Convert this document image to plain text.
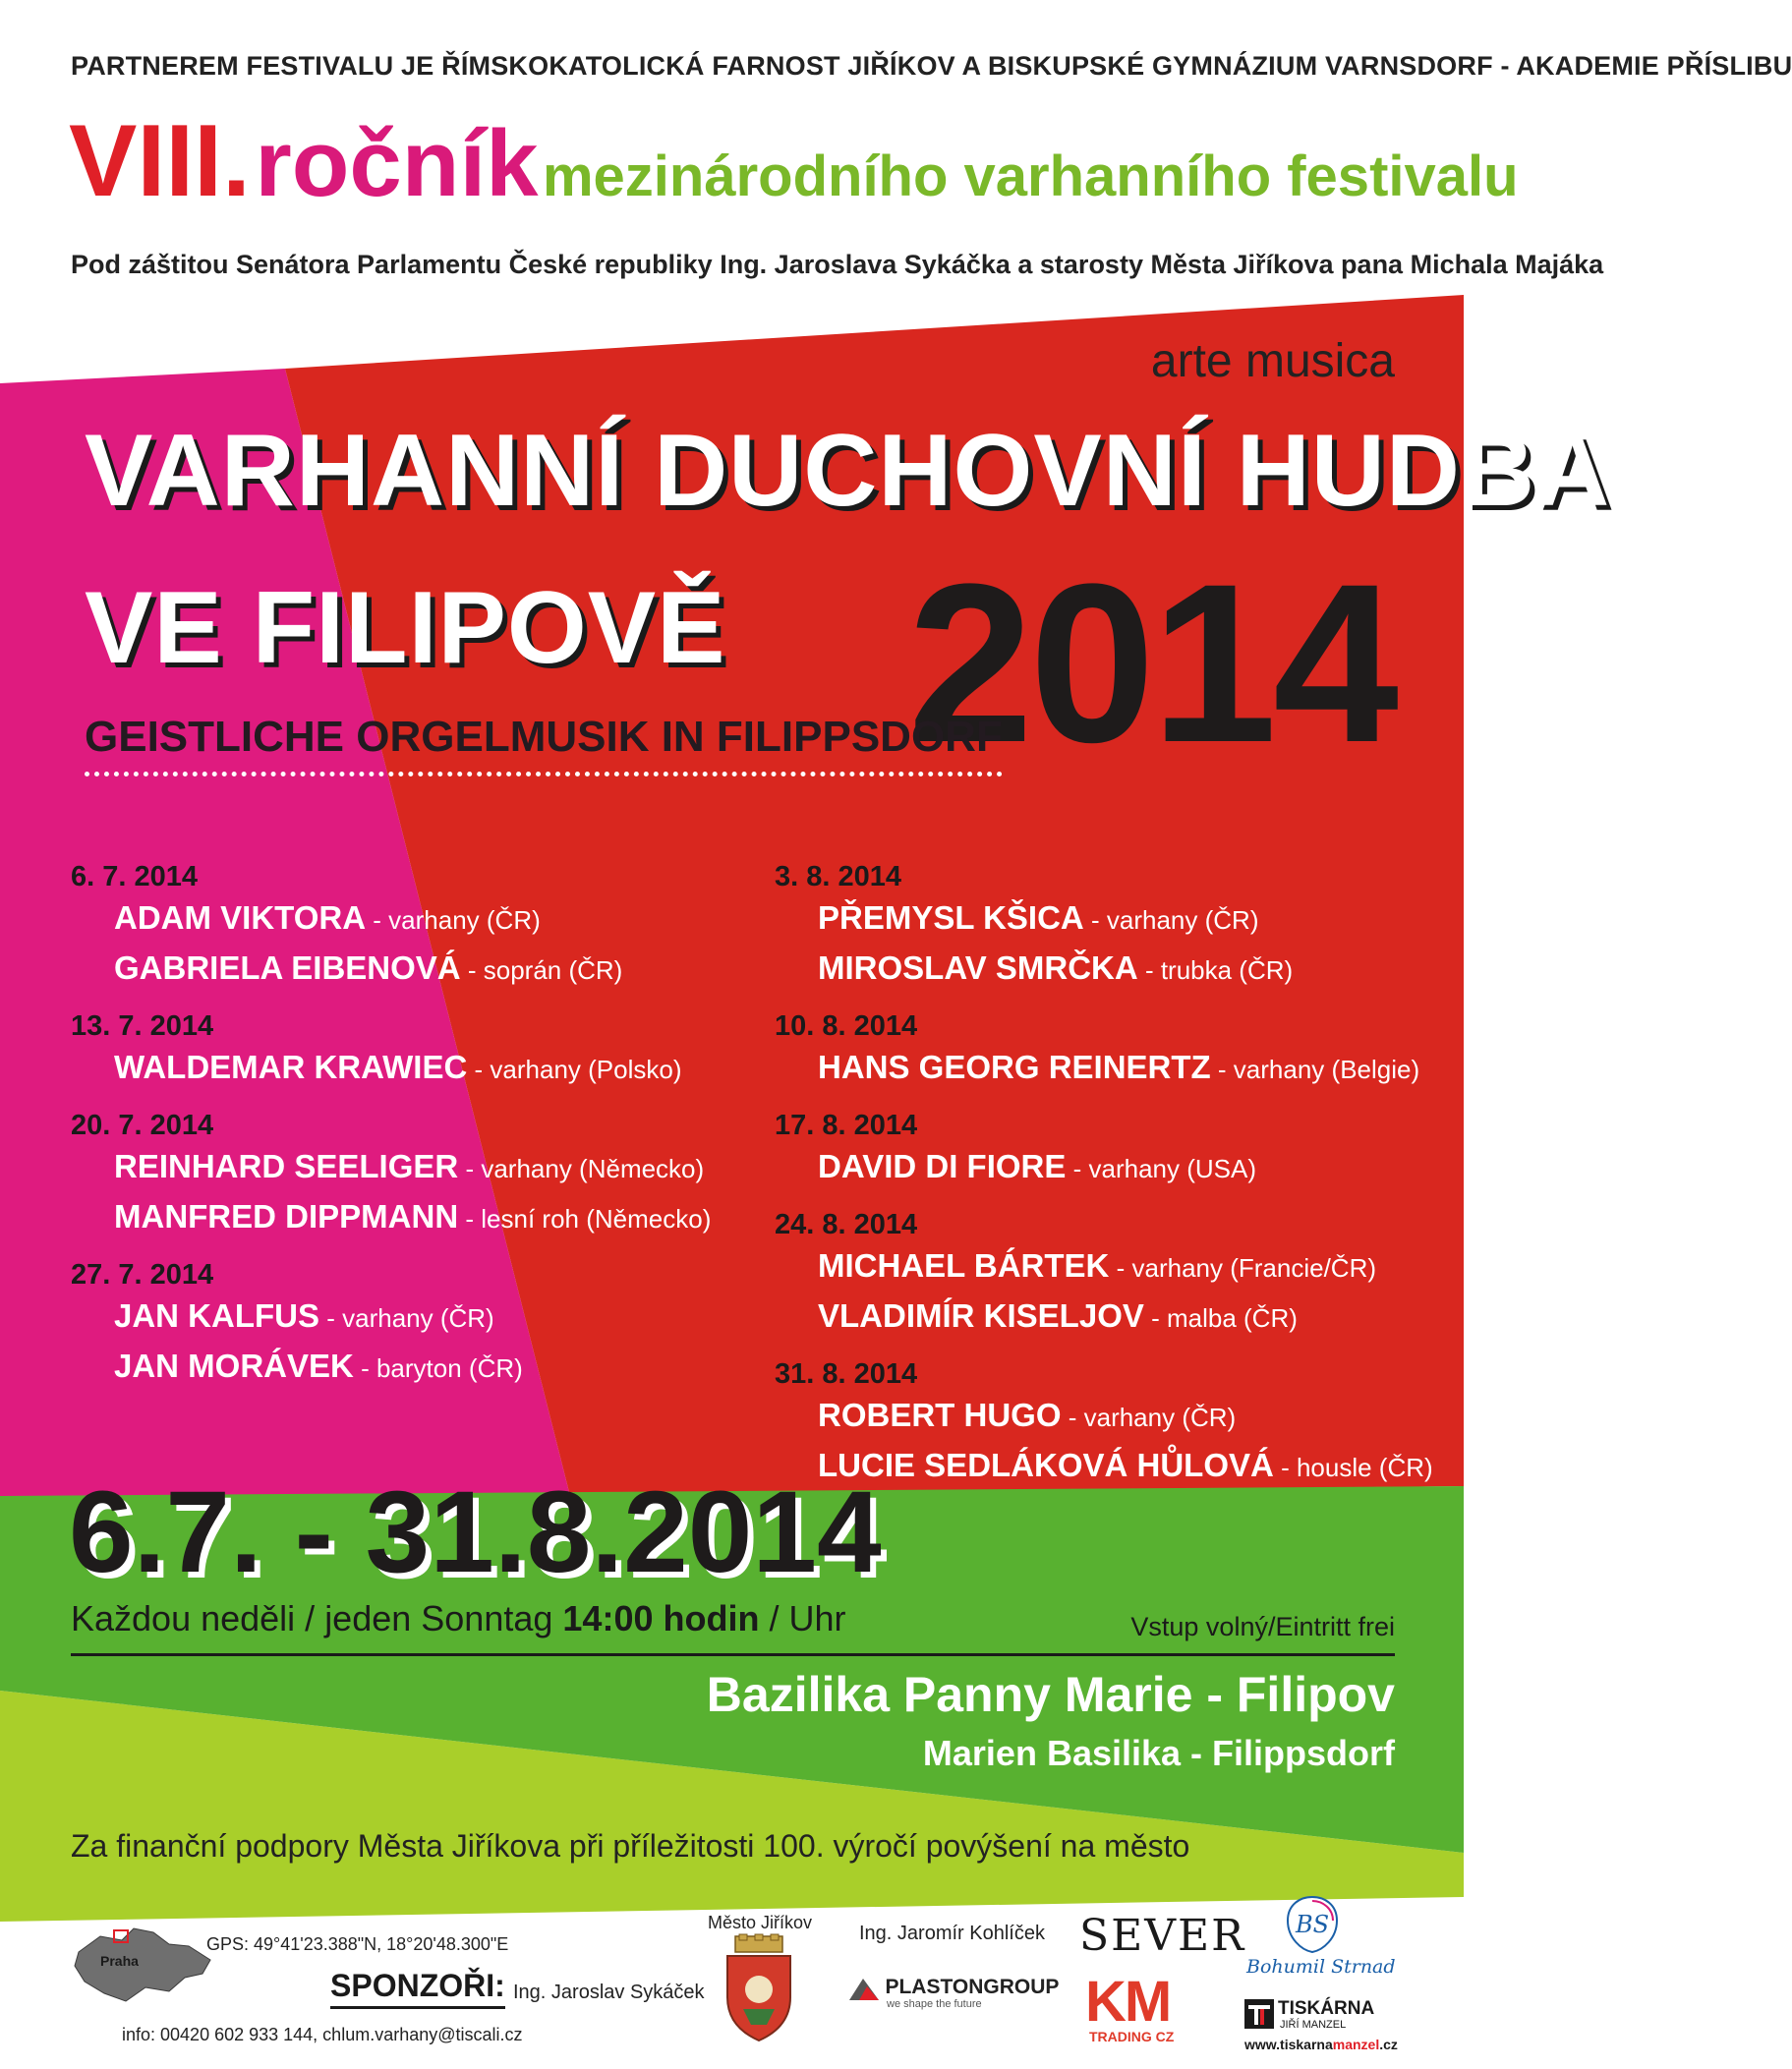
PARTNEREM FESTIVALU JE ŘÍMSKOKATOLICKÁ FARNOST JIŘÍKOV A BISKUPSKÉ GYMNÁZIUM VARNSDORF - AKADEMIE PŘÍSLIBU
VIII. ročník mezinárodního varhanního festivalu
Pod záštitou Senátora Parlamentu České republiky Ing. Jaroslava Sykáčka a starosty Města Jiříkova pana Michala Majáka
arte musica
VARHANNÍ DUCHOVNÍ HUDBA
VE FILIPOVĚ 2014
GEISTLICHE ORGELMUSIK IN FILIPPSDORF
6. 7. 2014
ADAM VIKTORA - varhany (ČR)
GABRIELA EIBENOVÁ - soprán (ČR)
13. 7. 2014
WALDEMAR KRAWIEC - varhany (Polsko)
20. 7. 2014
REINHARD SEELIGER - varhany (Německo)
MANFRED DIPPMANN - lesní roh (Německo)
27. 7. 2014
JAN KALFUS - varhany (ČR)
JAN MORÁVEK - baryton (ČR)
3. 8. 2014
PŘEMYSL KŠICA - varhany (ČR)
MIROSLAV SMRČKA - trubka (ČR)
10. 8. 2014
HANS GEORG REINERTZ - varhany (Belgie)
17. 8. 2014
DAVID DI FIORE - varhany (USA)
24. 8. 2014
MICHAEL BÁRTEK - varhany (Francie/ČR)
VLADIMÍR KISELJOV - malba (ČR)
31. 8. 2014
ROBERT HUGO - varhany (ČR)
LUCIE SEDLÁKOVÁ HŮLOVÁ - housle (ČR)
6.7. - 31.8.2014
Každou neděli / jeden Sonntag 14:00 hodin / Uhr	Vstup volný/Eintritt frei
Bazilika Panny Marie - Filipov
Marien Basilika - Filippsdorf
Za finanční podpory Města Jiříkova při příležitosti 100. výročí povýšení na město
Praha
GPS: 49°41'23.388"N, 18°20'48.300"E
SPONZOŘI:
info: 00420 602 933 144, chlum.varhany@tiscali.cz
Ing. Jaroslav Sykáček
Město Jiříkov Ing. Jaromír Kohlíček
PLASTONGROUP
we shape the future
SEVER
KM
TRADING CZ
BS
Bohumil Strnad
TISKÁRNA
JIŘÍ MANZEL
www.tiskarnamanzel.cz
